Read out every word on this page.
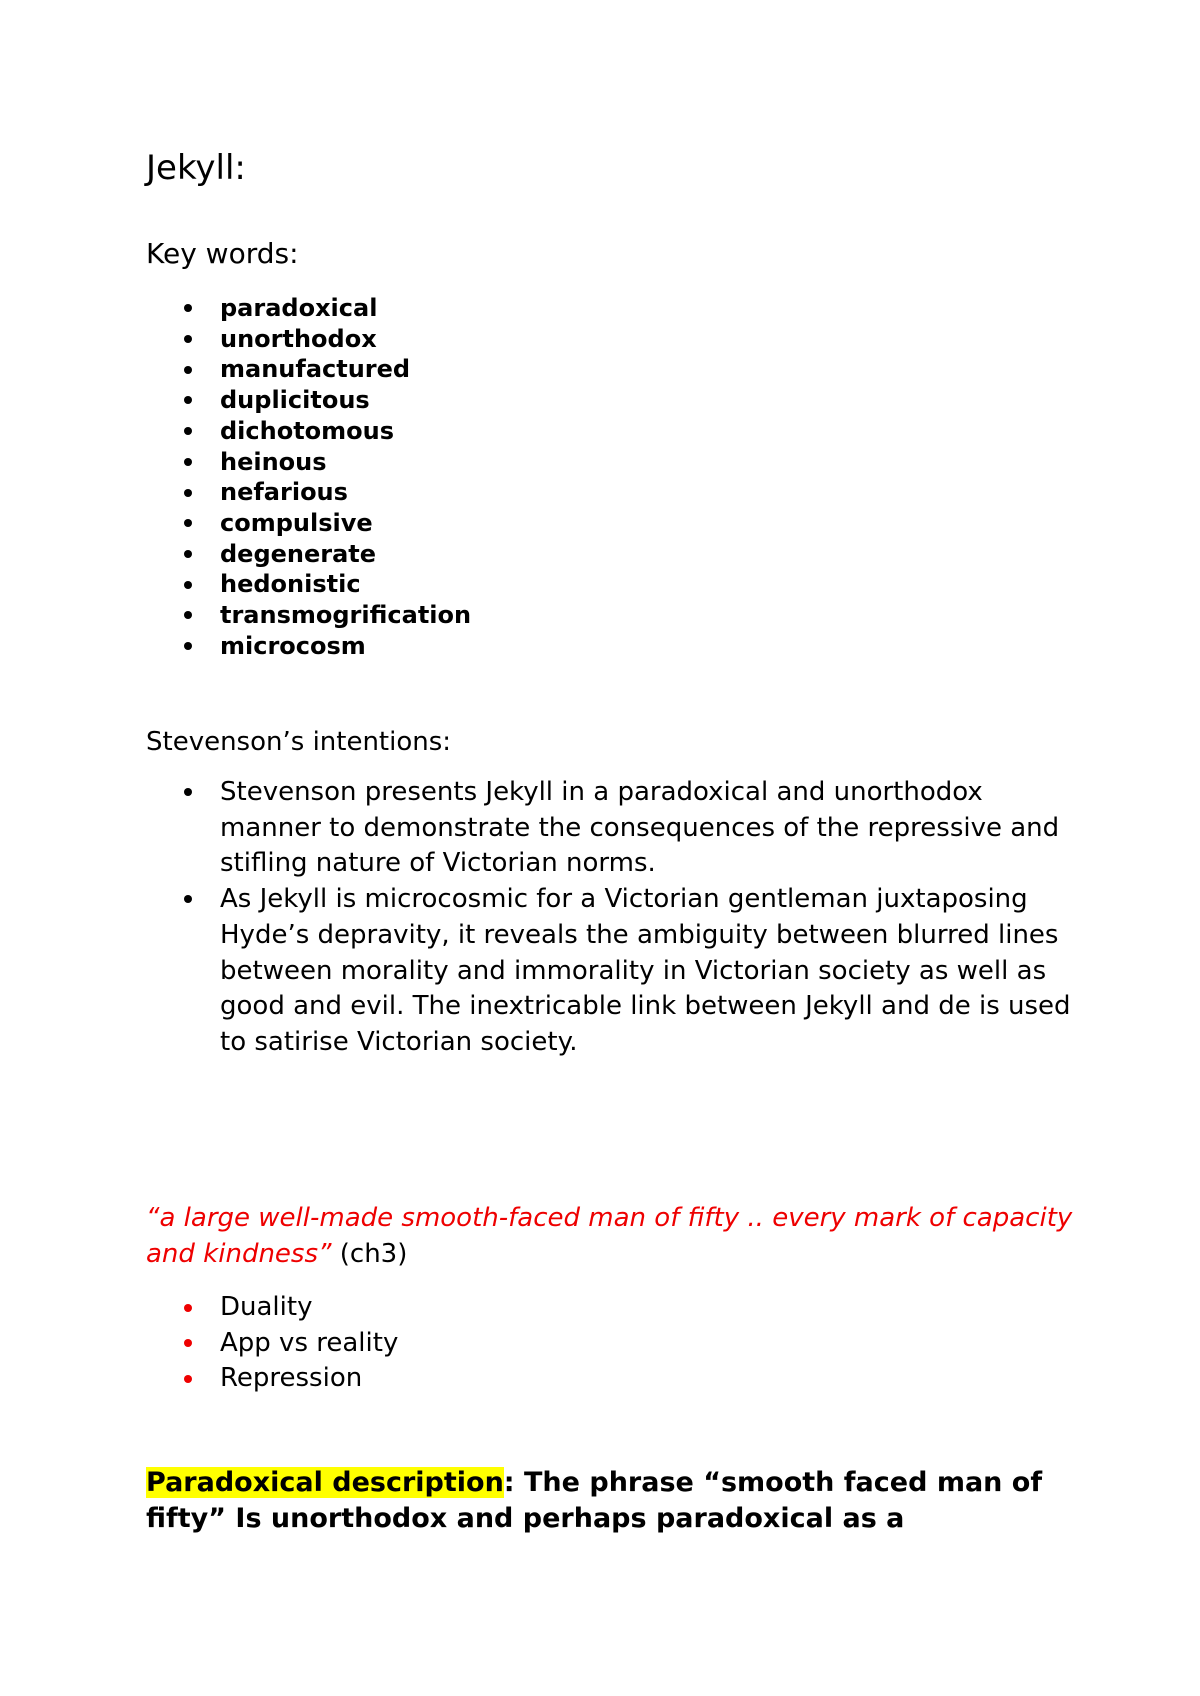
Jekyll:
Key words:
paradoxical
unorthodox
manufactured
duplicitous
dichotomous
heinous
nefarious
compulsive
degenerate
hedonistic
transmogrification
microcosm
Stevenson’s intentions:
Stevenson presents Jekyll in a paradoxical and unorthodox manner to demonstrate the consequences of the repressive and stifling nature of Victorian norms.
As Jekyll is microcosmic for a Victorian gentleman juxtaposing Hyde’s depravity, it reveals the ambiguity between blurred lines between morality and immorality in Victorian society as well as good and evil. The inextricable link between Jekyll and de is used to satirise Victorian society.

“a large well-made smooth-faced man of fifty .. every mark of capacity and kindness” (ch3)

Duality
App vs reality
Repression

Paradoxical description: The phrase “smooth faced man of fifty” Is unorthodox and perhaps paradoxical as a
